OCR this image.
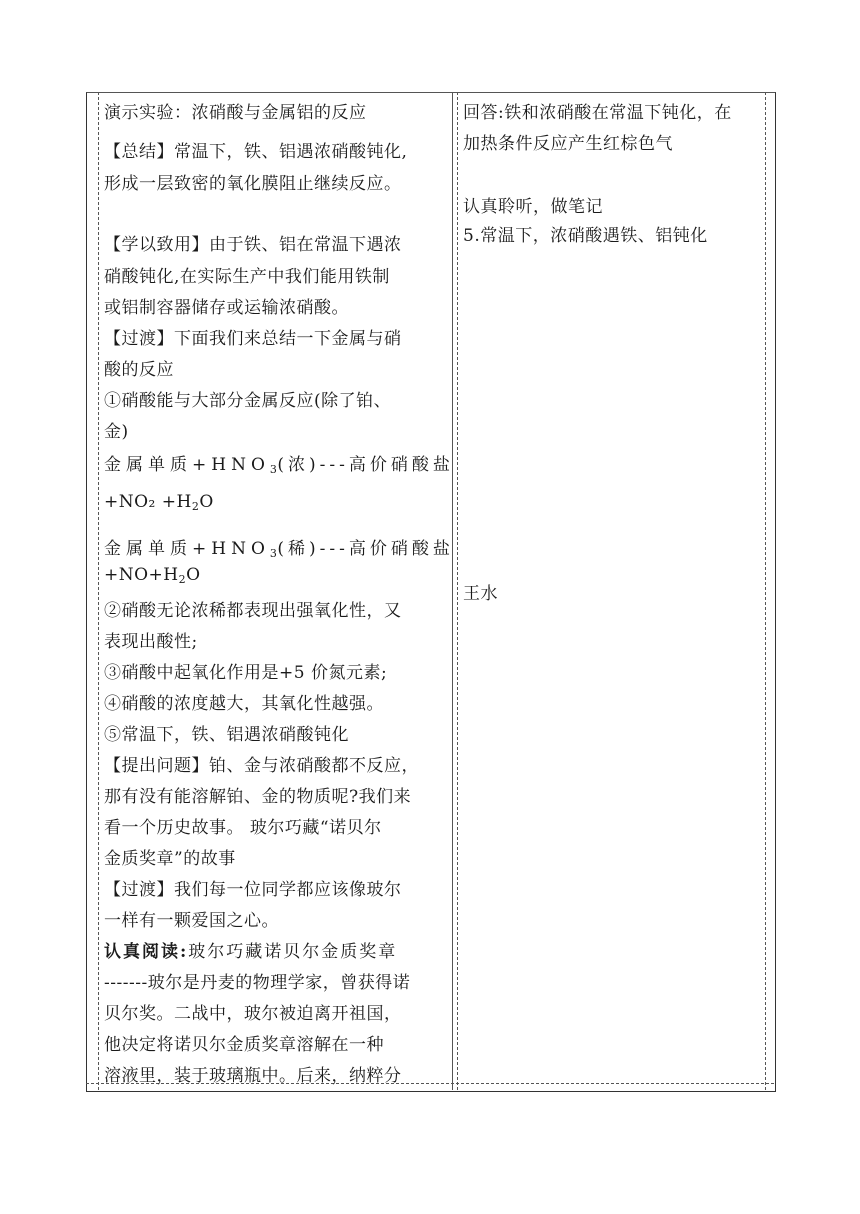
演示实验：浓硝酸与金属铝的反应
【总结】常温下，铁、铝遇浓硝酸钝化,
形成一层致密的氧化膜阻止继续反应。
【学以致用】由于铁、铝在常温下遇浓
硝酸钝化,在实际生产中我们能用铁制
或铝制容器储存或运输浓硝酸。
【过渡】下面我们来总结一下金属与硝
酸的反应
①硝酸能与大部分金属反应(除了铂、
金)
金属单质$+HNO_3$(浓)---高价硝酸盐
$+NO_2 +H_2O$
金属单质$+HNO_3$(稀)---高价硝酸盐
$+NO+H_2O$
②硝酸无论浓稀都表现出强氧化性，又
表现出酸性;
③硝酸中起氧化作用是+5 价氮元素;
④硝酸的浓度越大，其氧化性越强。
⑤常温下，铁、铝遇浓硝酸钝化
【提出问题】铂、金与浓硝酸都不反应，
那有没有能溶解铂、金的物质呢?我们来
看一个历史故事。 玻尔巧藏“诺贝尔
金质奖章”的故事
【过渡】我们每一位同学都应该像玻尔
一样有一颗爱国之心。
认真阅读:玻尔巧藏诺贝尔金质奖章
-------玻尔是丹麦的物理学家，曾获得诺
贝尔奖。二战中，玻尔被迫离开祖国，
他决定将诺贝尔金质奖章溶解在一种
溶液里，装于玻璃瓶中。后来，纳粹分
回答:铁和浓硝酸在常温下钝化，在
加热条件反应产生红棕色气
认真聆听，做笔记
5.常温下，浓硝酸遇铁、铝钝化
王水
